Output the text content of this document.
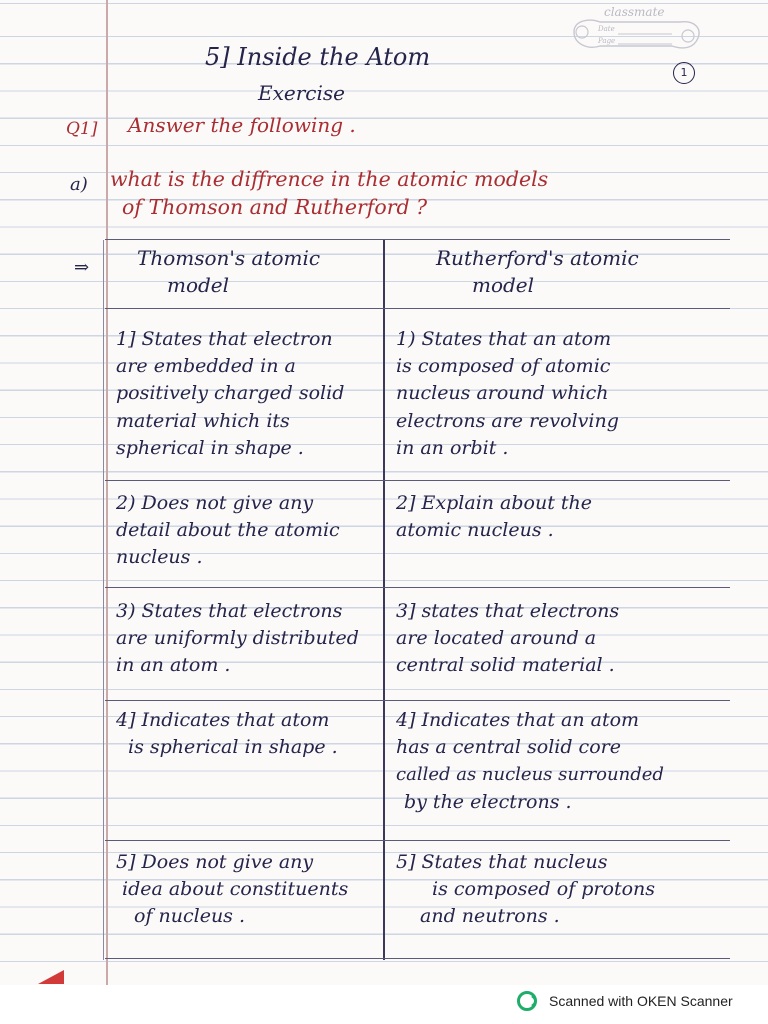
classmate
Date
Page
1
5] Inside the Atom
Exercise
Q1] Answer the following .
a) what is the diffrence in the atomic models
of Thomson and Rutherford ?
⇒ Thomson's atomic
model
Rutherford's atomic
model
1] States that electron
are embedded in a
positively charged solid
material which its
spherical in shape .
1) States that an atom
is composed of atomic
nucleus around which
electrons are revolving
in an orbit .
2) Does not give any
detail about the atomic
nucleus .
2] Explain about the
atomic nucleus .
3) States that electrons
are uniformly distributed
in an atom .
3] states that electrons
are located around a
central solid material .
4] Indicates that atom
is spherical in shape .
4] Indicates that an atom
has a central solid core
called as nucleus surrounded
by the electrons .
5] Does not give any
idea about constituents
of nucleus .
5] States that nucleus
is composed of protons
and neutrons .
Scanned with OKEN Scanner
